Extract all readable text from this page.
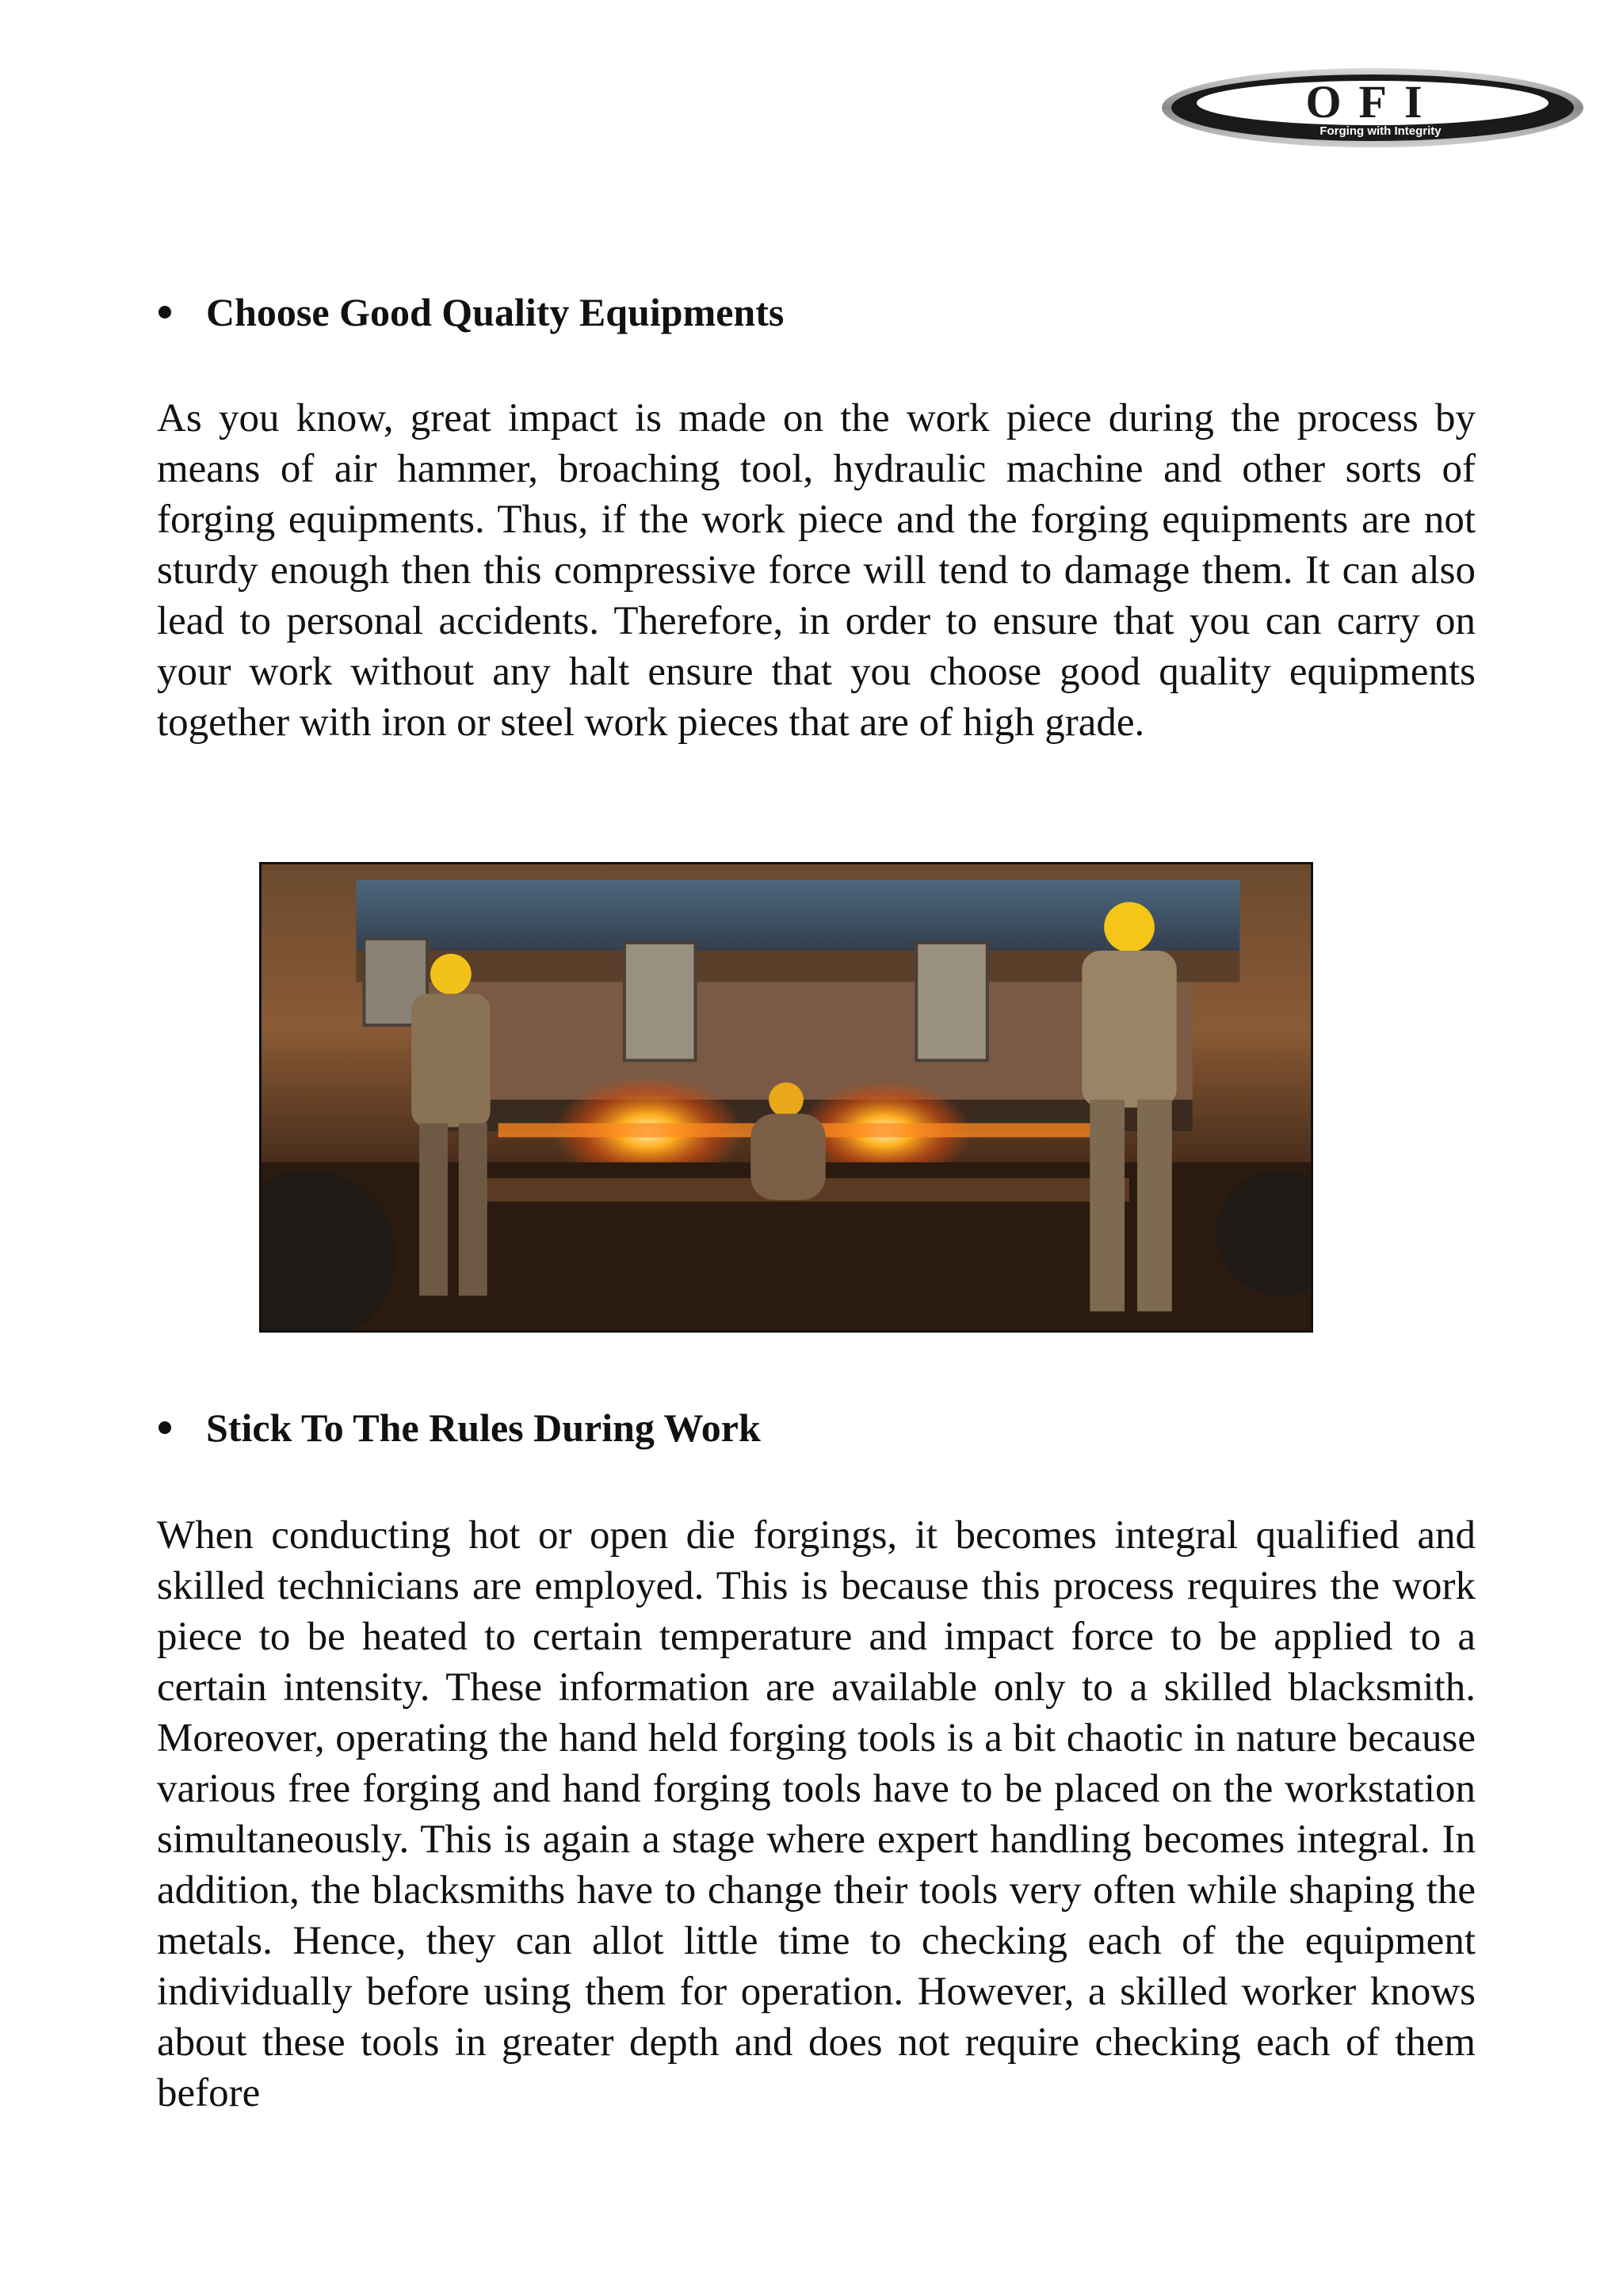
OFI
Forging with Integrity
Choose Good Quality Equipments

As you know, great impact is made on the work piece during the process by means of air hammer, broaching tool, hydraulic machine and other sorts of forging equipments. Thus, if the work piece and the forging equipments are not sturdy enough then this compressive force will tend to damage them. It can also lead to personal accidents. Therefore, in order to ensure that you can carry on your work without any halt ensure that you choose good quality equipments together with iron or steel work pieces that are of high grade.

Stick To The Rules During Work

When conducting hot or open die forgings, it becomes integral qualified and skilled technicians are employed. This is because this process requires the work piece to be heated to certain temperature and impact force to be applied to a certain intensity. These information are available only to a skilled blacksmith. Moreover, operating the hand held forging tools is a bit chaotic in nature because various free forging and hand forging tools have to be placed on the workstation simultaneously. This is again a stage where expert handling becomes integral. In addition, the blacksmiths have to change their tools very often while shaping the metals. Hence, they can allot little time to checking each of the equipment individually before using them for operation. However, a skilled worker knows about these tools in greater depth and does not require checking each of them before
